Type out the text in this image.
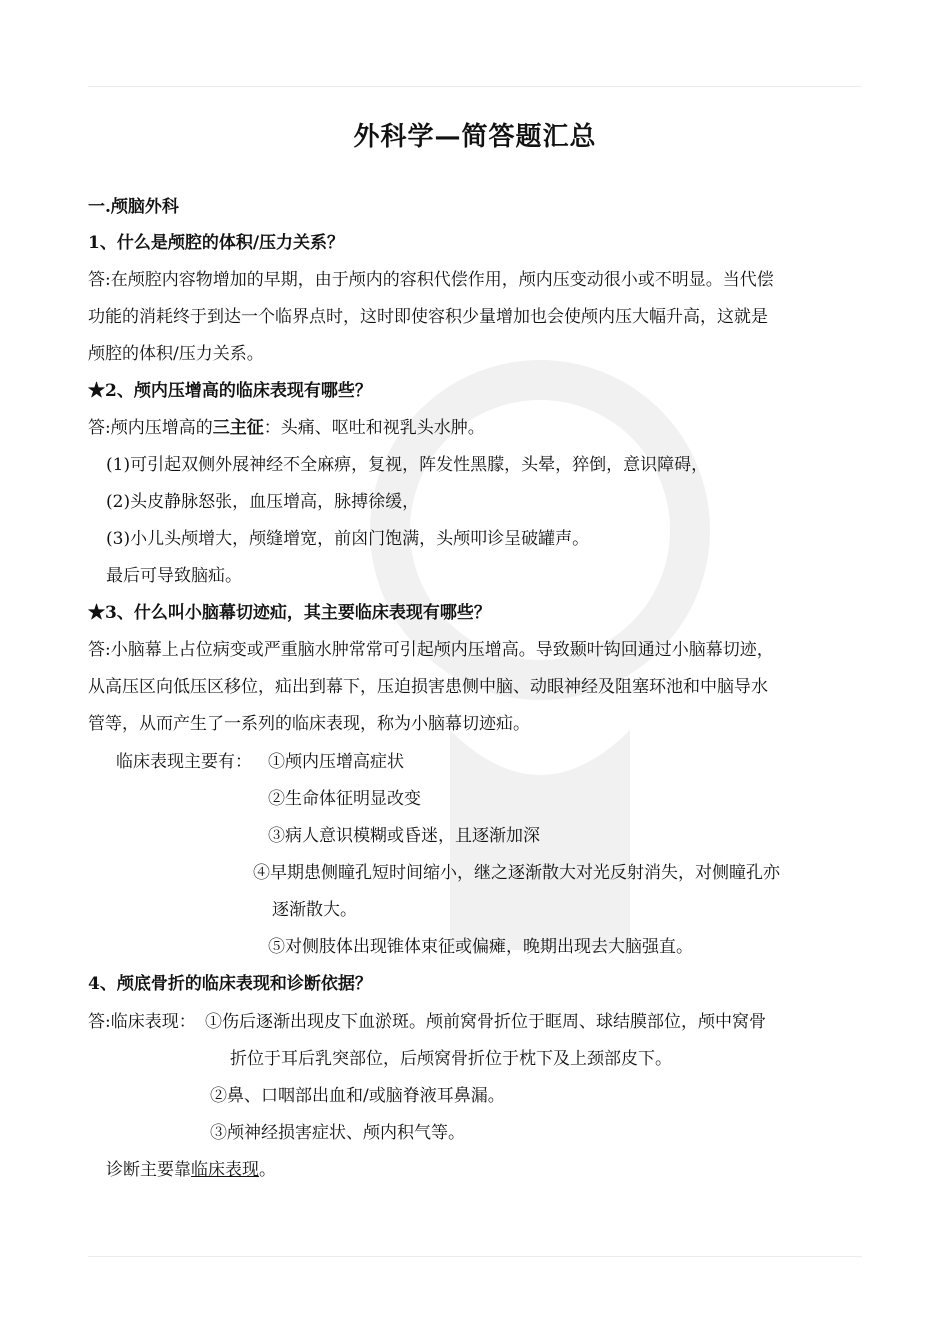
外科学—简答题汇总
一.颅脑外科
1、什么是颅腔的体积/压力关系？
答:在颅腔内容物增加的早期，由于颅内的容积代偿作用，颅内压变动很小或不明显。当代偿
功能的消耗终于到达一个临界点时，这时即使容积少量增加也会使颅内压大幅升高，这就是
颅腔的体积/压力关系。
★2、颅内压增高的临床表现有哪些？
答:颅内压增高的三主征：头痛、呕吐和视乳头水肿。
(1)可引起双侧外展神经不全麻痹，复视，阵发性黑朦，头晕，猝倒，意识障碍，
(2)头皮静脉怒张，血压增高，脉搏徐缓，
(3)小儿头颅增大，颅缝增宽，前囟门饱满，头颅叩诊呈破罐声。
最后可导致脑疝。
★3、什么叫小脑幕切迹疝，其主要临床表现有哪些？
答:小脑幕上占位病变或严重脑水肿常常可引起颅内压增高。导致颞叶钩回通过小脑幕切迹，
从高压区向低压区移位，疝出到幕下，压迫损害患侧中脑、动眼神经及阻塞环池和中脑导水
管等，从而产生了一系列的临床表现，称为小脑幕切迹疝。
临床表现主要有： ①颅内压增高症状
②生命体征明显改变
③病人意识模糊或昏迷，且逐渐加深
④早期患侧瞳孔短时间缩小，继之逐渐散大对光反射消失，对侧瞳孔亦
逐渐散大。
⑤对侧肢体出现锥体束征或偏瘫，晚期出现去大脑强直。
4、颅底骨折的临床表现和诊断依据？
答:临床表现： ①伤后逐渐出现皮下血淤斑。颅前窝骨折位于眶周、球结膜部位，颅中窝骨
折位于耳后乳突部位，后颅窝骨折位于枕下及上颈部皮下。
②鼻、口咽部出血和/或脑脊液耳鼻漏。
③颅神经损害症状、颅内积气等。
诊断主要靠临床表现。
